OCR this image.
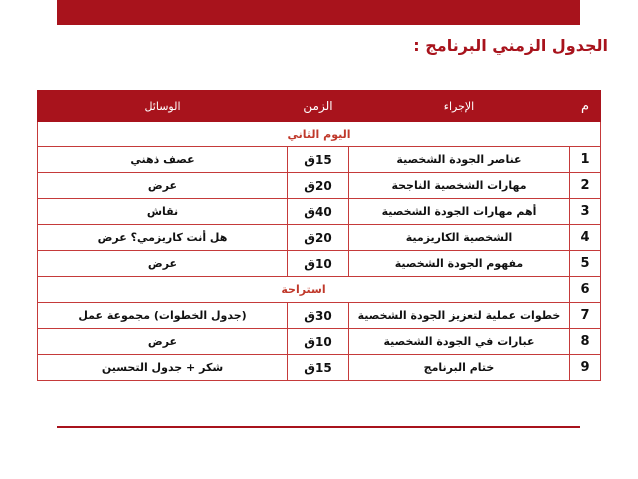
الجدول الزمني البرنامج :
م	الإجراء	الزمن	الوسائل
اليوم الثاني			
1	عناصر الجودة الشخصية	15ق	عصف ذهني
2	مهارات الشخصية الناجحة	20ق	عرض
3	أهم مهارات الجودة الشخصية	40ق	نقاش
4	الشخصية الكاريزمية	20ق	هل أنت كاريزمي؟ عرض
5	مفهوم الجودة الشخصية	10ق	عرض
6	استراحة		
7	خطوات عملية لتعزيز الجودة الشخصية	30ق	(جدول الخطوات) مجموعة عمل
8	عبارات في الجودة الشخصية	10ق	عرض
9	ختام البرنامج	15ق	شكر + جدول التحسين
